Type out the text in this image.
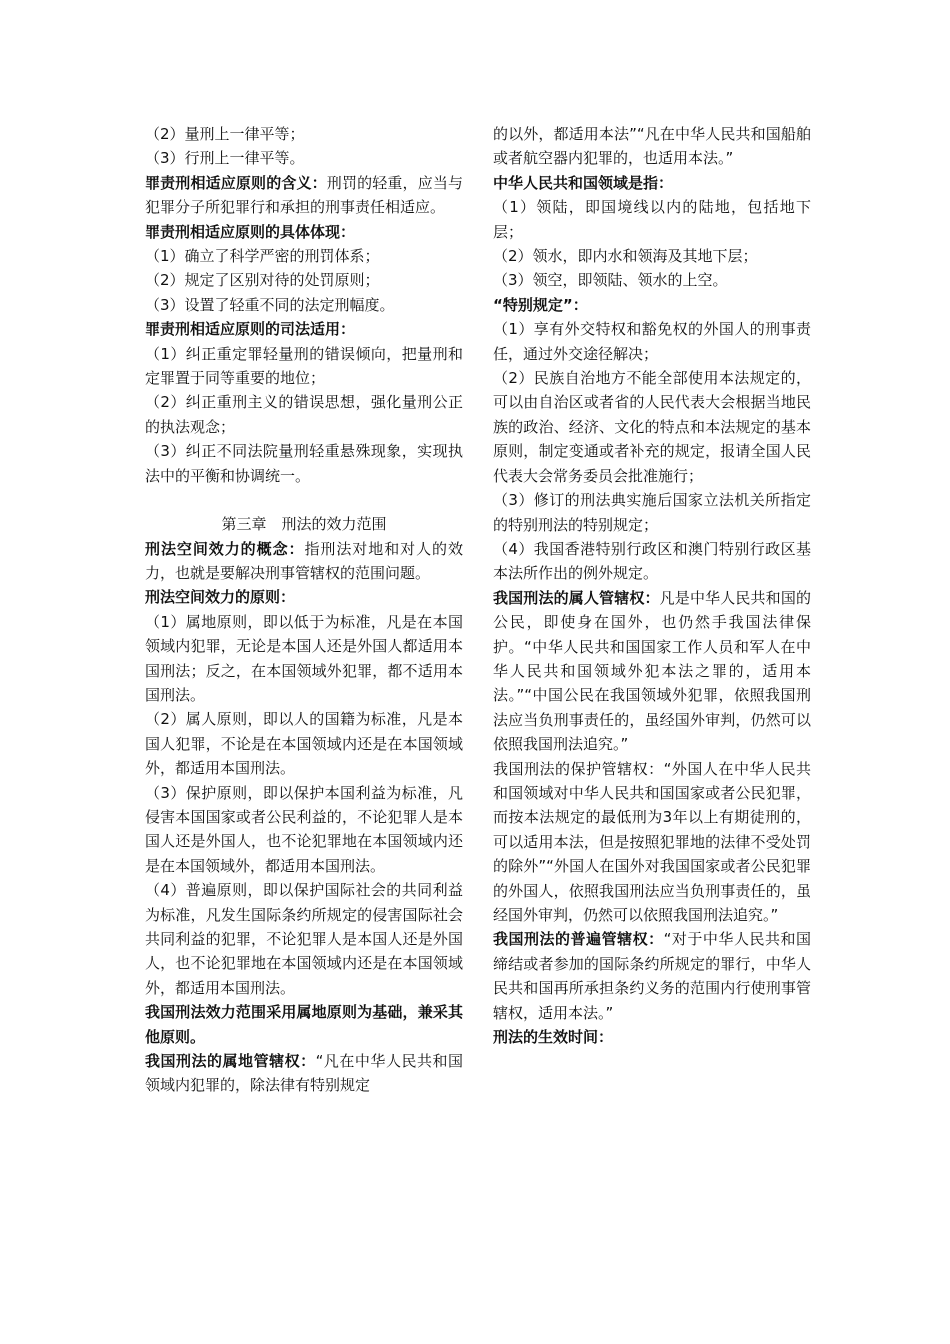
（2）量刑上一律平等；

（3）行刑上一律平等。

罪责刑相适应原则的含义：刑罚的轻重，应当与犯罪分子所犯罪行和承担的刑事责任相适应。

罪责刑相适应原则的具体体现：

（1）确立了科学严密的刑罚体系；

（2）规定了区别对待的处罚原则；

（3）设置了轻重不同的法定刑幅度。

罪责刑相适应原则的司法适用：

（1）纠正重定罪轻量刑的错误倾向，把量刑和定罪置于同等重要的地位；

（2）纠正重刑主义的错误思想，强化量刑公正的执法观念；

（3）纠正不同法院量刑轻重悬殊现象，实现执法中的平衡和协调统一。

第三章　刑法的效力范围

刑法空间效力的概念：指刑法对地和对人的效力，也就是要解决刑事管辖权的范围问题。

刑法空间效力的原则：

（1）属地原则，即以低于为标准，凡是在本国领域内犯罪，无论是本国人还是外国人都适用本国刑法；反之，在本国领域外犯罪，都不适用本国刑法。

（2）属人原则，即以人的国籍为标准，凡是本国人犯罪，不论是在本国领域内还是在本国领域外，都适用本国刑法。

（3）保护原则，即以保护本国利益为标准，凡侵害本国国家或者公民利益的，不论犯罪人是本国人还是外国人，也不论犯罪地在本国领域内还是在本国领域外，都适用本国刑法。

（4）普遍原则，即以保护国际社会的共同利益为标准，凡发生国际条约所规定的侵害国际社会共同利益的犯罪，不论犯罪人是本国人还是外国人，也不论犯罪地在本国领域内还是在本国领域外，都适用本国刑法。

我国刑法效力范围采用属地原则为基础，兼采其他原则。

我国刑法的属地管辖权：“凡在中华人民共和国领域内犯罪的，除法律有特别规定

的以外，都适用本法”“凡在中华人民共和国船舶或者航空器内犯罪的，也适用本法。”

中华人民共和国领域是指：

（1）领陆，即国境线以内的陆地，包括地下层；

（2）领水，即内水和领海及其地下层；

（3）领空，即领陆、领水的上空。

“特别规定”：

（1）享有外交特权和豁免权的外国人的刑事责任，通过外交途径解决；

（2）民族自治地方不能全部使用本法规定的，可以由自治区或者省的人民代表大会根据当地民族的政治、经济、文化的特点和本法规定的基本原则，制定变通或者补充的规定，报请全国人民代表大会常务委员会批准施行；

（3）修订的刑法典实施后国家立法机关所指定的特别刑法的特别规定；

（4）我国香港特别行政区和澳门特别行政区基本法所作出的例外规定。

我国刑法的属人管辖权：凡是中华人民共和国的公民，即使身在国外，也仍然手我国法律保护。“中华人民共和国国家工作人员和军人在中华人民共和国领域外犯本法之罪的，适用本法。”“中国公民在我国领域外犯罪，依照我国刑法应当负刑事责任的，虽经国外审判，仍然可以依照我国刑法追究。”

我国刑法的保护管辖权：“外国人在中华人民共和国领域对中华人民共和国国家或者公民犯罪，而按本法规定的最低刑为3年以上有期徒刑的，可以适用本法，但是按照犯罪地的法律不受处罚的除外”“外国人在国外对我国国家或者公民犯罪的外国人，依照我国刑法应当负刑事责任的，虽经国外审判，仍然可以依照我国刑法追究。”

我国刑法的普遍管辖权：“对于中华人民共和国缔结或者参加的国际条约所规定的罪行，中华人民共和国再所承担条约义务的范围内行使刑事管辖权，适用本法。”

刑法的生效时间：
